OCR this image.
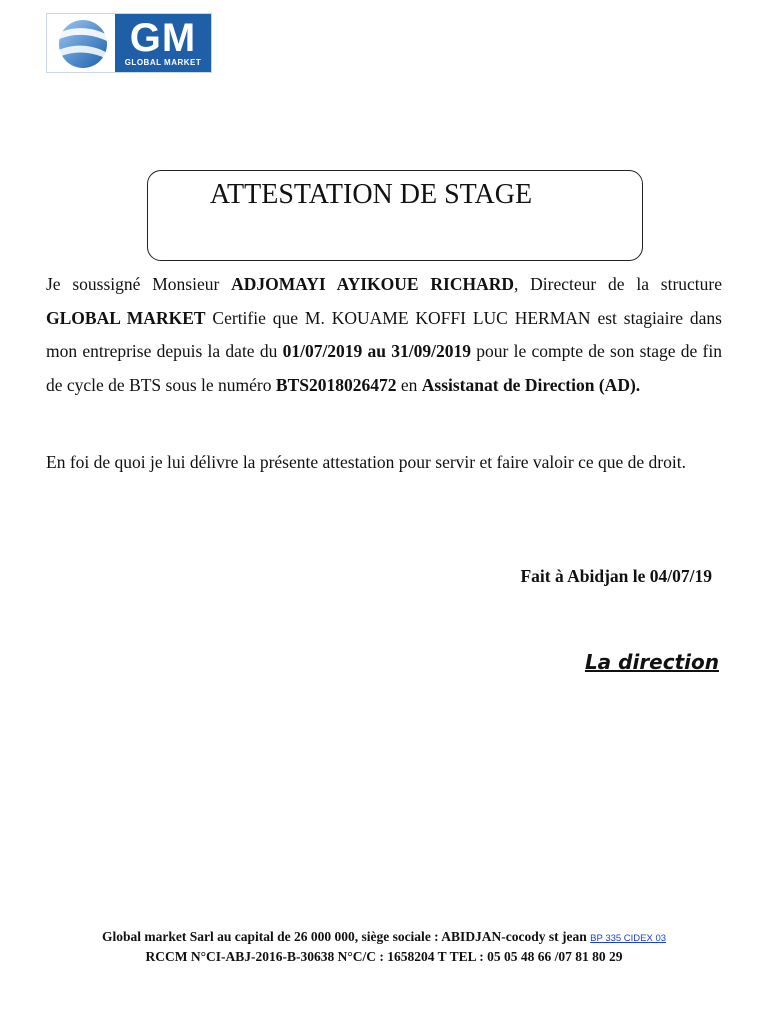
GM
GLOBAL MARKET
ATTESTATION DE STAGE

Je soussigné Monsieur ADJOMAYI AYIKOUE RICHARD, Directeur de la structure GLOBAL MARKET Certifie que M. KOUAME KOFFI LUC HERMAN est stagiaire dans mon entreprise depuis la date du 01/07/2019 au 31/09/2019 pour le compte de son stage de fin de cycle de BTS sous le numéro BTS2018026472 en Assistanat de Direction (AD).

En foi de quoi je lui délivre la présente attestation pour servir et faire valoir ce que de droit.

Fait à Abidjan le 04/07/19

La direction

Global market Sarl au capital de 26 000 000, siège sociale : ABIDJAN-cocody st jean BP 335 CIDEX 03
RCCM N°CI-ABJ-2016-B-30638 N°C/C : 1658204 T TEL : 05 05 48 66 /07 81 80 29
